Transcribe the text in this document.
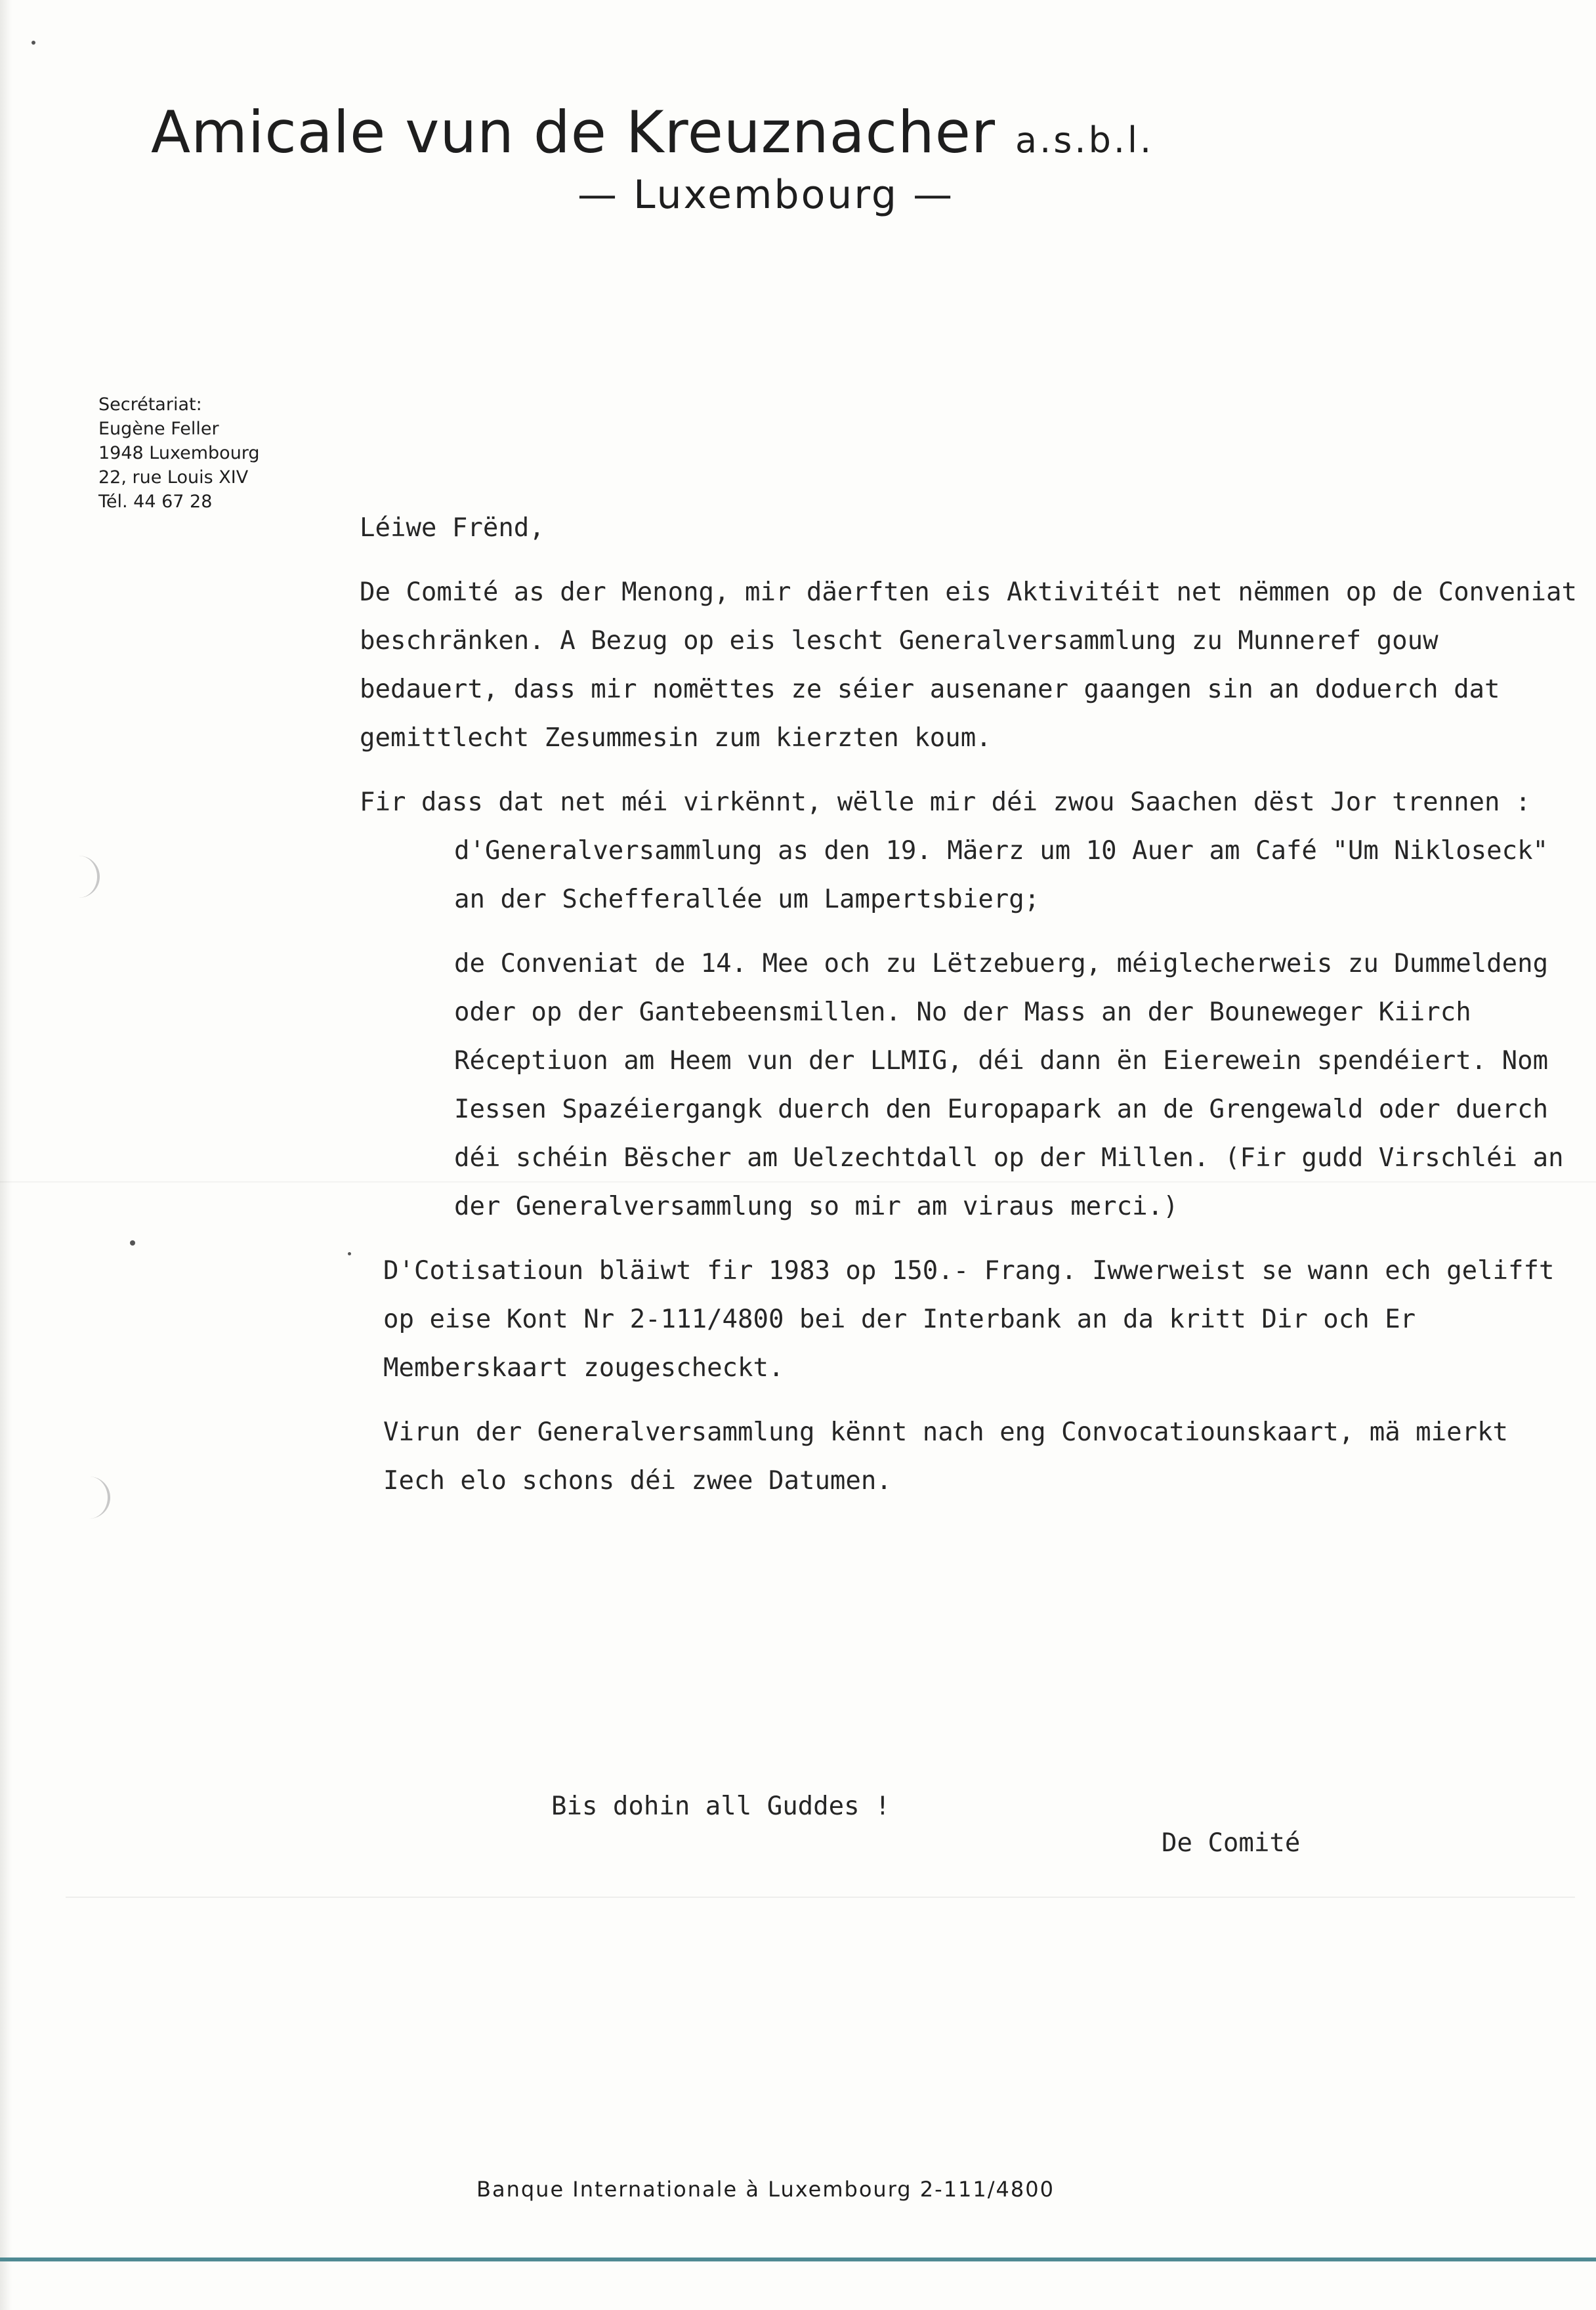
Amicale vun de Kreuznacher a.s.b.l.
— Luxembourg —
Secrétariat:
Eugène Feller
1948 Luxembourg
22, rue Louis XIV
Tél. 44 67 28

Léiwe Frënd,

De Comité as der Menong, mir däerften eis Aktivitéit net nëmmen op de Conveniat beschränken. A Bezug op eis lescht Generalversammlung zu Munneref gouw bedauert, dass mir nomëttes ze séier ausenaner gaangen sin an doduerch dat gemittlecht Zesummesin zum kierzten koum.

Fir dass dat net méi virkënnt, wëlle mir déi zwou Saachen dëst Jor trennen :

d'Generalversammlung as den 19. Mäerz um 10 Auer am Café "Um Nikloseck" an der Schefferallée um Lampertsbierg;

de Conveniat de 14. Mee och zu Lëtzebuerg, méiglecherweis zu Dummeldeng oder op der Gantebeensmillen. No der Mass an der Bouneweger Kiirch Réceptiuon am Heem vun der LLMIG, déi dann ën Eierewein spendéiert. Nom Iessen Spazéiergangk duerch den Europapark an de Grengewald oder duerch déi schéin Bëscher am Uelzechtdall op der Millen. (Fir gudd Virschléi an der Generalversammlung so mir am viraus merci.)

D'Cotisatioun bläiwt fir 1983 op 150.- Frang. Iwwerweist se wann ech gelifft op eise Kont Nr 2-111/4800 bei der Interbank an da kritt Dir och Er Memberskaart zougescheckt.

Virun der Generalversammlung kënnt nach eng Convocatiounskaart, mä mierkt Iech elo schons déi zwee Datumen.

Bis dohin all Guddes !
De Comité
Banque Internationale à Luxembourg 2-111/4800
